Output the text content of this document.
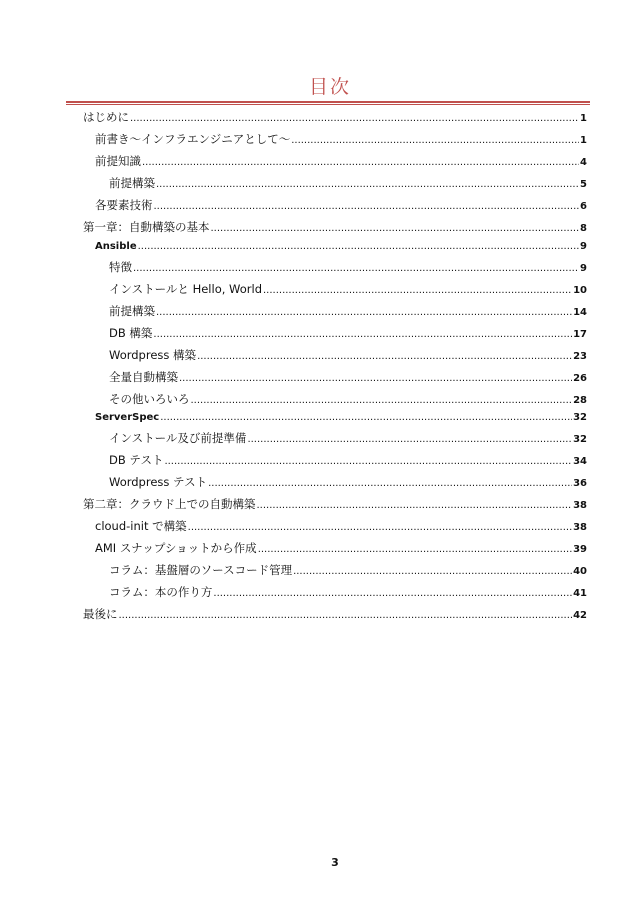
目次
はじめに .....	1
前書き～インフラエンジニアとして～ .....	1
前提知識 .....	4
前提構築 .....	5
各要素技術 .....	6
第一章：自動構築の基本 .....	8
Ansible .....	9
特徴 .....	9
インストールと Hello, World .....	10
前提構築 .....	14
DB 構築 .....	17
Wordpress 構築 .....	23
全量自動構築 .....	26
その他いろいろ .....	28
ServerSpec .....	32
インストール及び前提準備 .....	32
DB テスト .....	34
Wordpress テスト .....	36
第二章：クラウド上での自動構築 .....	38
cloud-init で構築 .....	38
AMI スナップショットから作成 .....	39
コラム：基盤層のソースコード管理 .....	40
コラム：本の作り方 .....	41
最後に .....	42
3
